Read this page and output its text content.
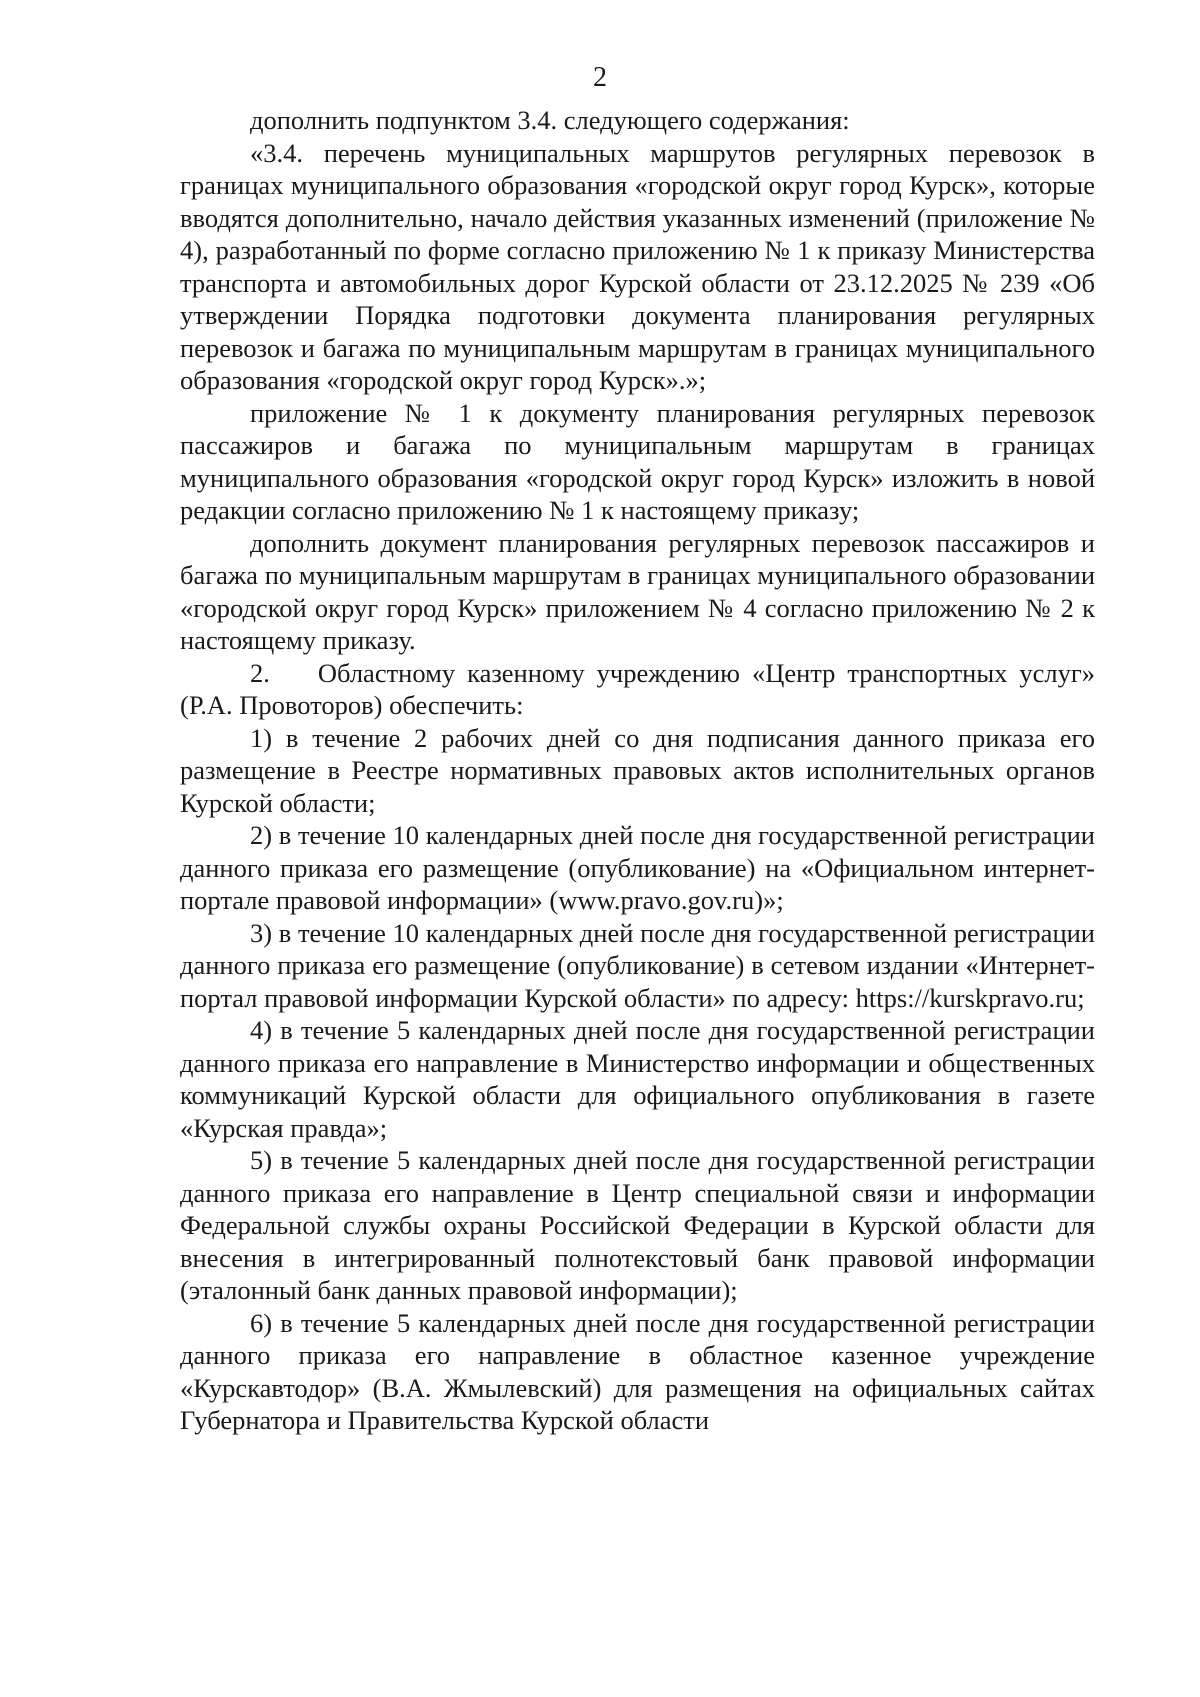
2

дополнить подпунктом 3.4. следующего содержания:

«3.4. перечень муниципальных маршрутов регулярных перевозок в границах муниципального образования «городской округ город Курск», которые вводятся дополнительно, начало действия указанных изменений (приложение № 4), разработанный по форме согласно приложению № 1 к приказу Министерства транспорта и автомобильных дорог Курской области от 23.12.2025 № 239 «Об утверждении Порядка подготовки документа планирования регулярных перевозок и багажа по муниципальным маршрутам в границах муниципального образования «городской округ город Курск».»;

приложение № 1 к документу планирования регулярных перевозок пассажиров и багажа по муниципальным маршрутам в границах муниципального образования «городской округ город Курск» изложить в новой редакции согласно приложению № 1 к настоящему приказу;

дополнить документ планирования регулярных перевозок пассажиров и багажа по муниципальным маршрутам в границах муниципального образовании «городской округ город Курск» приложением № 4 согласно приложению № 2 к настоящему приказу.

2. Областному казенному учреждению «Центр транспортных услуг» (Р.А. Провоторов) обеспечить:

1) в течение 2 рабочих дней со дня подписания данного приказа его размещение в Реестре нормативных правовых актов исполнительных органов Курской области;

2) в течение 10 календарных дней после дня государственной регистрации данного приказа его размещение (опубликование) на «Официальном интернет-портале правовой информации» (www.pravo.gov.ru)»;

3) в течение 10 календарных дней после дня государственной регистрации данного приказа его размещение (опубликование) в сетевом издании «Интернет-портал правовой информации Курской области» по адресу: https://kurskpravo.ru;

4) в течение 5 календарных дней после дня государственной регистрации данного приказа его направление в Министерство информации и общественных коммуникаций Курской области для официального опубликования в газете «Курская правда»;

5) в течение 5 календарных дней после дня государственной регистрации данного приказа его направление в Центр специальной связи и информации Федеральной службы охраны Российской Федерации в Курской области для внесения в интегрированный полнотекстовый банк правовой информации (эталонный банк данных правовой информации);

6) в течение 5 календарных дней после дня государственной регистрации данного приказа его направление в областное казенное учреждение «Курскавтодор» (В.А. Жмылевский) для размещения на официальных сайтах Губернатора и Правительства Курской области
